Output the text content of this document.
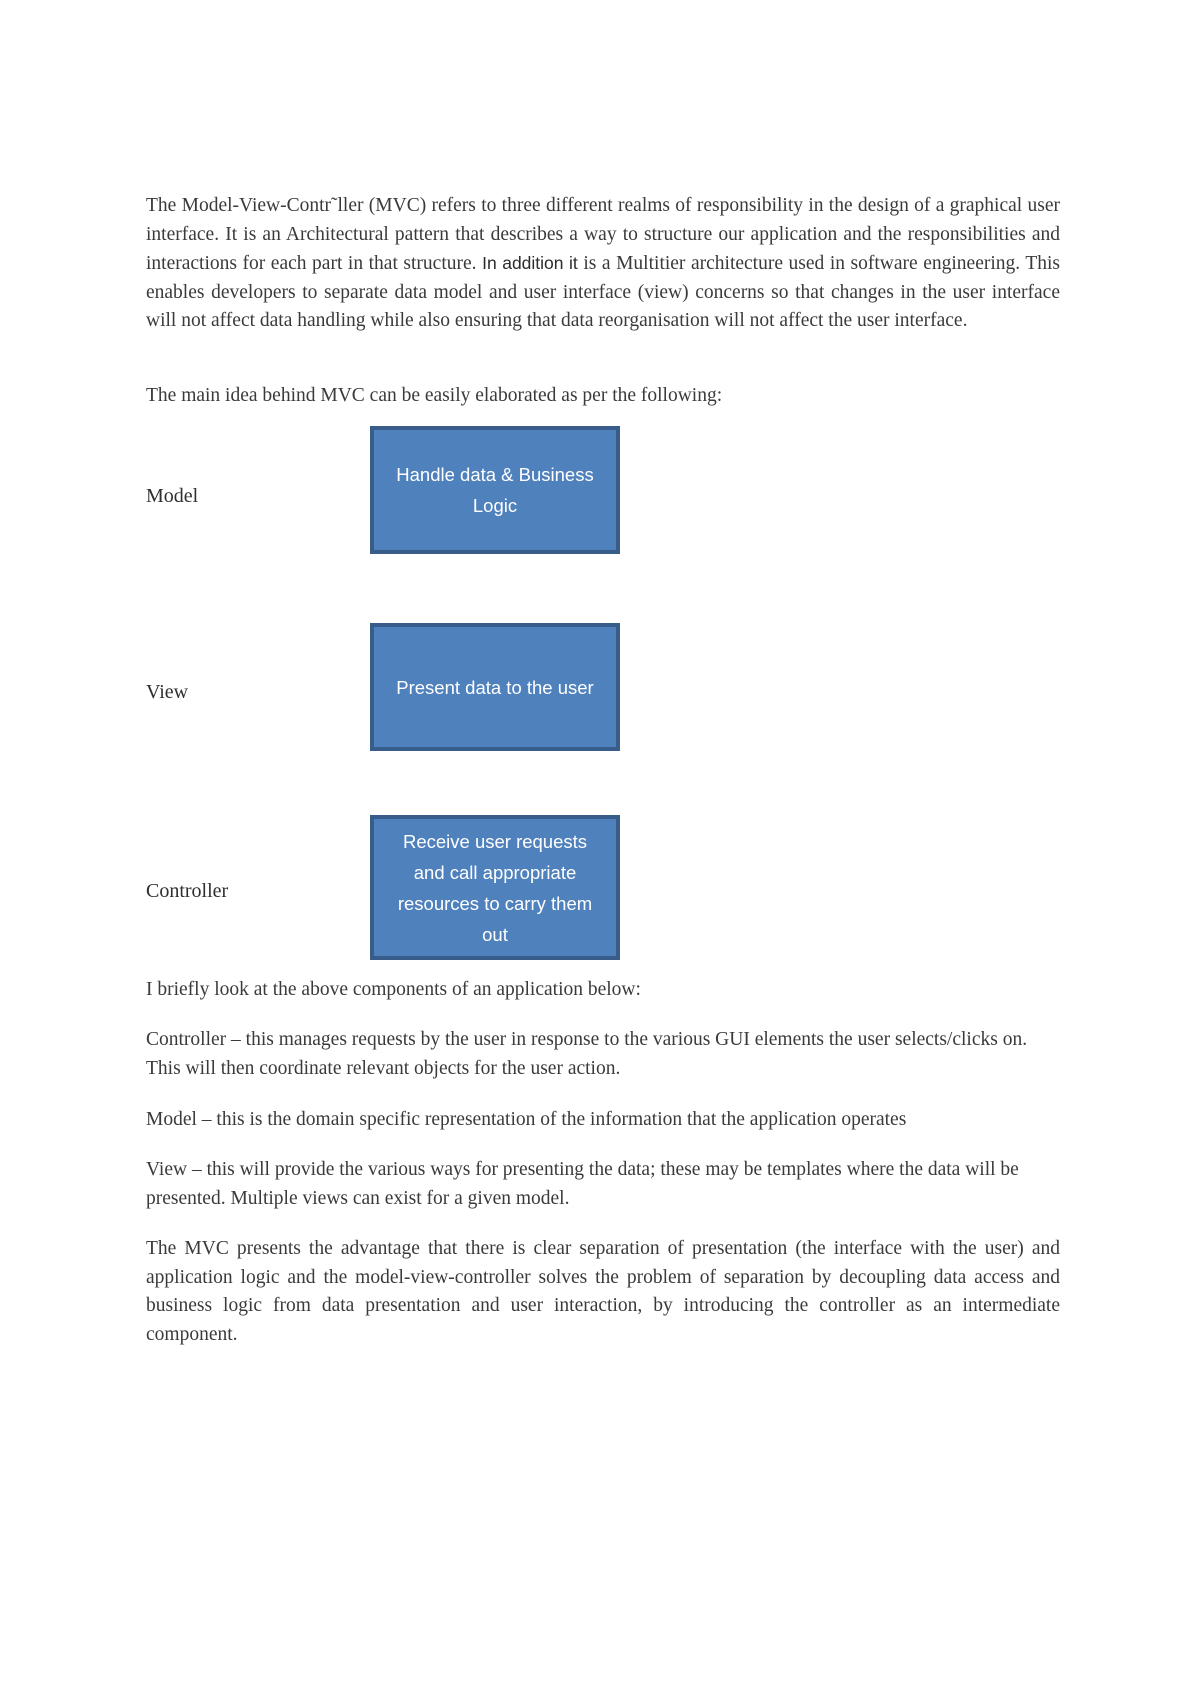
The Model-View-Contr˜ller (MVC) refers to three different realms of responsibility in the design of a graphical user interface. It is an Architectural pattern that describes a way to structure our application and the responsibilities and interactions for each part in that structure. In addition it is a Multitier architecture used in software engineering. This enables developers to separate data model and user interface (view) concerns so that changes in the user interface will not affect data handling while also ensuring that data reorganisation will not affect the user interface.

The main idea behind MVC can be easily elaborated as per the following:

Model
Handle data & Business Logic
View	Present data to the user
Controller
Receive user requests and call appropriate resources to carry them out

I briefly look at the above components of an application below:

Controller – this manages requests by the user in response to the various GUI elements the user selects/clicks on. This will then coordinate relevant objects for the user action.

Model – this is the domain specific representation of the information that the application operates

View – this will provide the various ways for presenting the data; these may be templates where the data will be presented. Multiple views can exist for a given model.

The MVC presents the advantage that there is clear separation of presentation (the interface with the user) and application logic and the model-view-controller solves the problem of separation by decoupling data access and business logic from data presentation and user interaction, by introducing the controller as an intermediate component.
